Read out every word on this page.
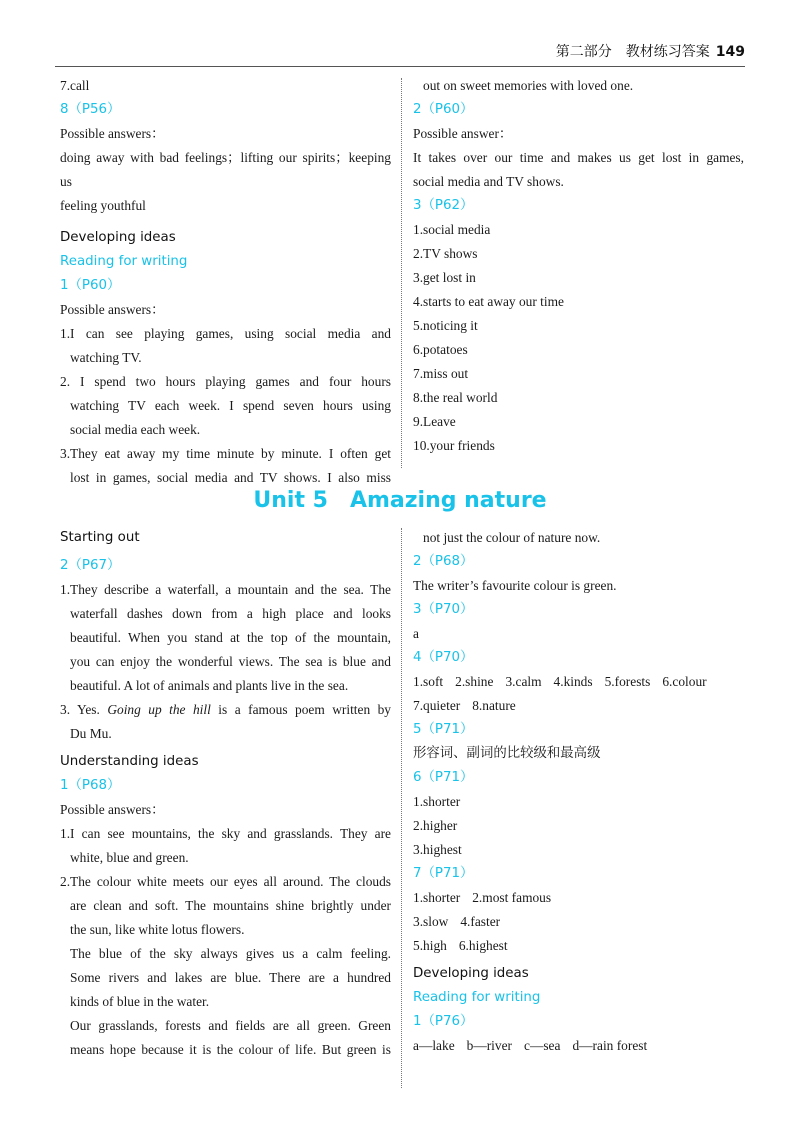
第二部分　教材练习答案 149

7.call

8（P56）

Possible answers：

doing away with bad feelings；lifting our spirits；keeping us

feeling youthful

Developing ideas

Reading for writing

1（P60）

Possible answers：

1.I can see playing games, using social media and

watching TV.

2. I spend two hours playing games and four hours

watching TV each week. I spend seven hours using

social media each week.

3.They eat away my time minute by minute. I often get

lost in games, social media and TV shows. I also miss

out on sweet memories with loved one.

2（P60）

Possible answer：

It takes over our time and makes us get lost in games,

social media and TV shows.

3（P62）

1.social media

2.TV shows

3.get lost in

4.starts to eat away our time

5.noticing it

6.potatoes

7.miss out

8.the real world

9.Leave

10.your friends

Unit 5 Amazing nature

Starting out

2（P67）

1.They describe a waterfall, a mountain and the sea. The

waterfall dashes down from a high place and looks

beautiful. When you stand at the top of the mountain,

you can enjoy the wonderful views. The sea is blue and

beautiful. A lot of animals and plants live in the sea.

3. Yes. Going up the hill is a famous poem written by

Du Mu.

Understanding ideas

1（P68）

Possible answers：

1.I can see mountains, the sky and grasslands. They are

white, blue and green.

2.The colour white meets our eyes all around. The clouds

are clean and soft. The mountains shine brightly under

the sun, like white lotus flowers.

The blue of the sky always gives us a calm feeling.

Some rivers and lakes are blue. There are a hundred

kinds of blue in the water.

Our grasslands, forests and fields are all green. Green

means hope because it is the colour of life. But green is

not just the colour of nature now.

2（P68）

The writer’s favourite colour is green.

3（P70）

a

4（P70）

1.soft 2.shine 3.calm 4.kinds 5.forests 6.colour

7.quieter 8.nature

5（P71）

形容词、副词的比较级和最高级

6（P71）

1.shorter

2.higher

3.highest

7（P71）

1.shorter 2.most famous

3.slow 4.faster

5.high 6.highest

Developing ideas

Reading for writing

1（P76）

a—lake b—river c—sea d—rain forest
